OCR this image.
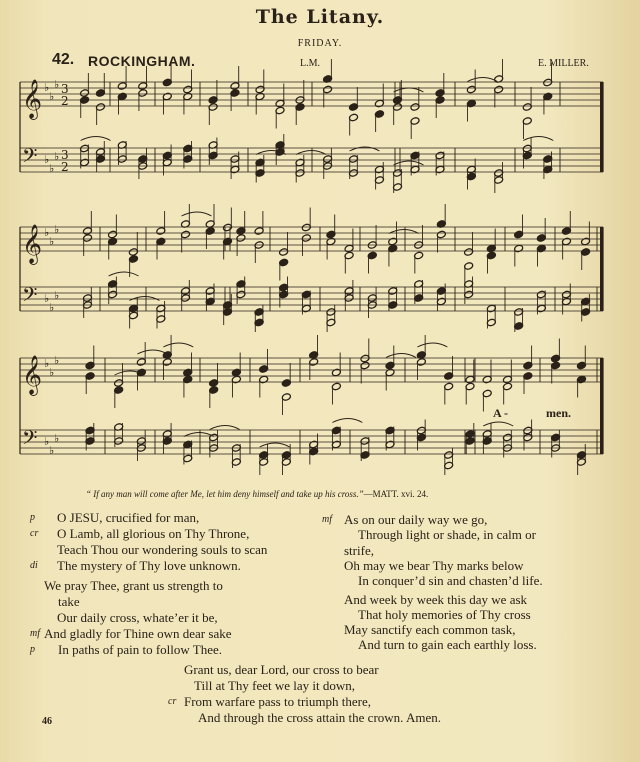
The Litany.
FRIDAY.
42. ROCKINGHAM.	L.M.	E. MILLER.
𝄞 ♭
♭
♭
𝄢 ♭
♭
♭
𝄞 ♭
♭
♭
𝄢 ♭
♭
♭
𝄞 ♭
♭
♭
𝄢 ♭
♭
♭
3
2
3
2
A -	men.
“ If any man will come after Me, let him deny himself and take up his cross.”—MATT. xvi. 24.
O JESU, crucified for man,
p
O Lamb, all glorious on Thy Throne,
cr
Teach Thou our wondering souls to scan
The mystery of Thy love unknown.
di
We pray Thee, grant us strength to
take
Our daily cross, whate’er it be,
And gladly for Thine own dear sake
mf
In paths of pain to follow Thee.
p
As on our daily way we go,
mf
Through light or shade, in calm or
strife,
Oh may we bear Thy marks below
In conquer’d sin and chasten’d life.
And week by week this day we ask
That holy memories of Thy cross
May sanctify each common task,
And turn to gain each earthly loss.
Grant us, dear Lord, our cross to bear
Till at Thy feet we lay it down,
From warfare pass to triumph there,
cr
And through the cross attain the crown. Amen.
46
